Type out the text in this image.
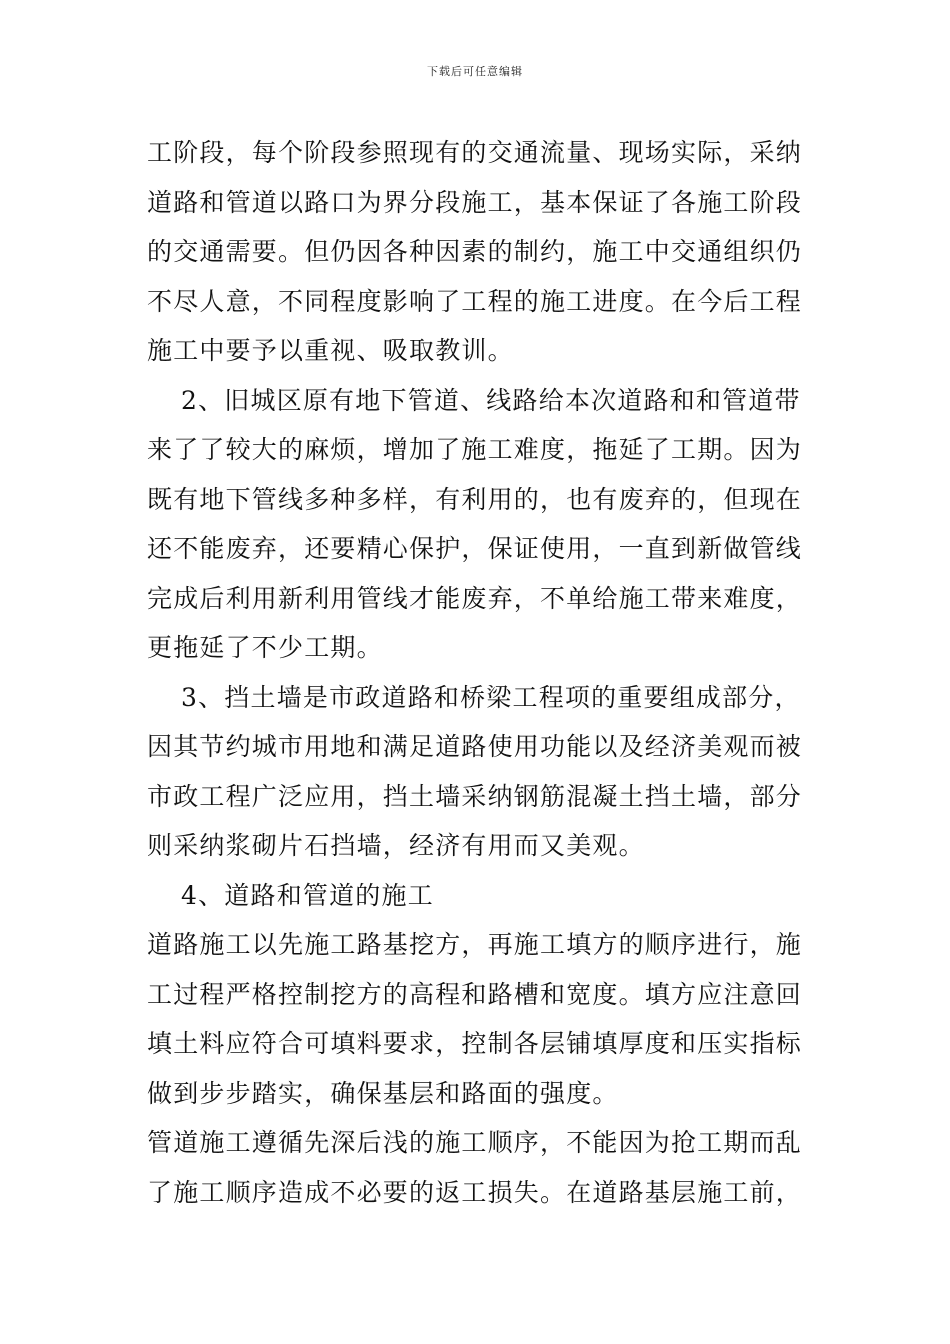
下载后可任意编辑
工阶段，每个阶段参照现有的交通流量、现场实际，采纳
道路和管道以路口为界分段施工，基本保证了各施工阶段
的交通需要。但仍因各种因素的制约，施工中交通组织仍
不尽人意，不同程度影响了工程的施工进度。在今后工程
施工中要予以重视、吸取教训。
2、旧城区原有地下管道、线路给本次道路和和管道带
来了了较大的麻烦，增加了施工难度，拖延了工期。因为
既有地下管线多种多样，有利用的，也有废弃的，但现在
还不能废弃，还要精心保护，保证使用，一直到新做管线
完成后利用新利用管线才能废弃，不单给施工带来难度，
更拖延了不少工期。
3、挡土墙是市政道路和桥梁工程项的重要组成部分，
因其节约城市用地和满足道路使用功能以及经济美观而被
市政工程广泛应用，挡土墙采纳钢筋混凝土挡土墙，部分
则采纳浆砌片石挡墙，经济有用而又美观。
4、道路和管道的施工
道路施工以先施工路基挖方，再施工填方的顺序进行，施
工过程严格控制挖方的高程和路槽和宽度。填方应注意回
填土料应符合可填料要求，控制各层铺填厚度和压实指标
做到步步踏实，确保基层和路面的强度。
管道施工遵循先深后浅的施工顺序，不能因为抢工期而乱
了施工顺序造成不必要的返工损失。在道路基层施工前，
